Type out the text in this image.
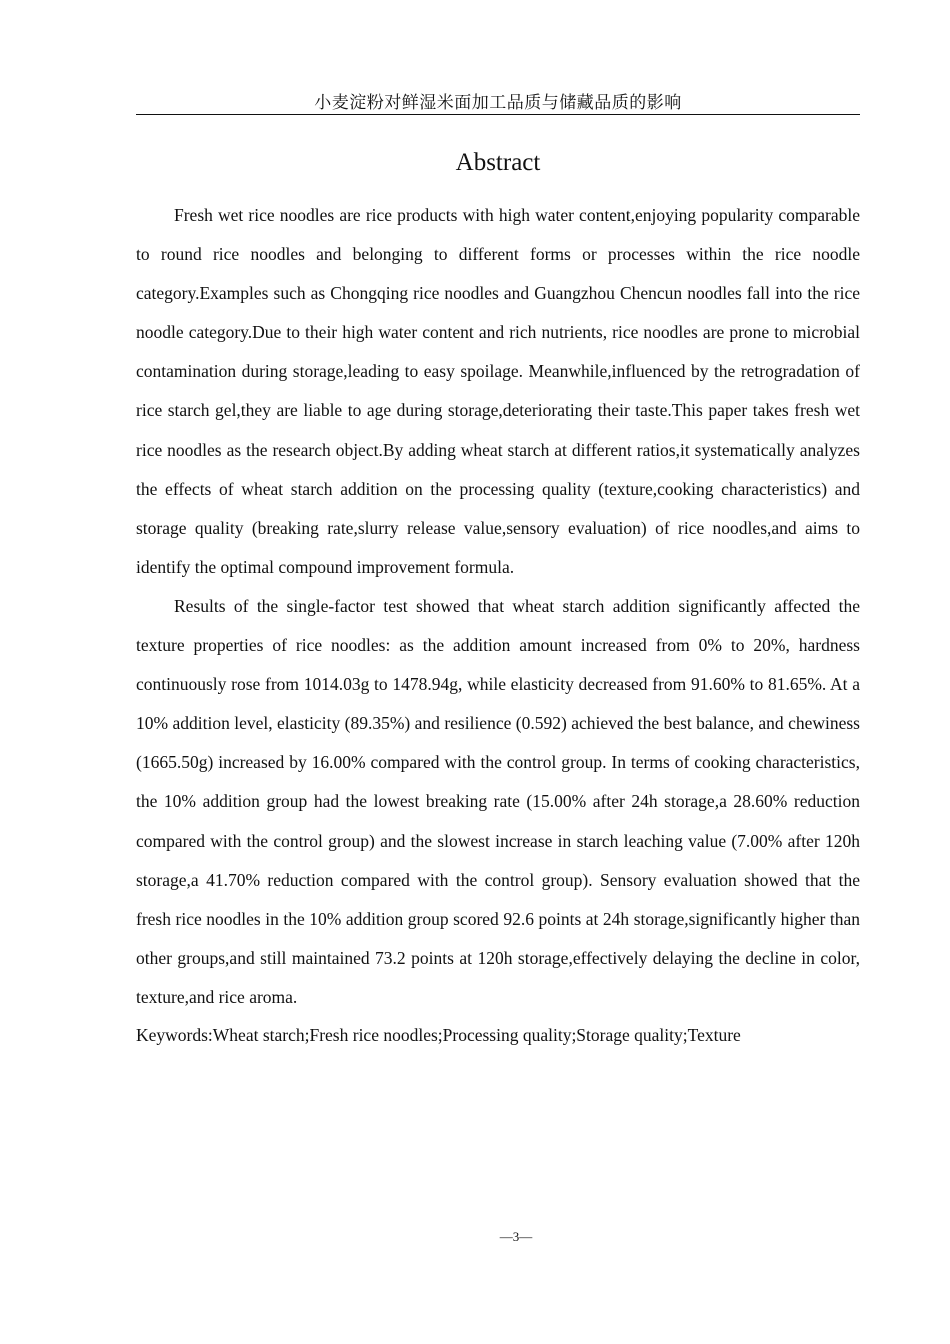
小麦淀粉对鲜湿米面加工品质与储藏品质的影响
Abstract

Fresh wet rice noodles are rice products with high water content,enjoying popularity comparable to round rice noodles and belonging to different forms or processes within the rice noodle category.Examples such as Chongqing rice noodles and Guangzhou Chencun noodles fall into the rice noodle category.Due to their high water content and rich nutrients, rice noodles are prone to microbial contamination during storage,leading to easy spoilage. Meanwhile,influenced by the retrogradation of rice starch gel,they are liable to age during storage,deteriorating their taste.This paper takes fresh wet rice noodles as the research object.By adding wheat starch at different ratios,it systematically analyzes the effects of wheat starch addition on the processing quality (texture,cooking characteristics) and storage quality (breaking rate,slurry release value,sensory evaluation) of rice noodles,and aims to identify the optimal compound improvement formula.

Results of the single-factor test showed that wheat starch addition significantly affected the texture properties of rice noodles: as the addition amount increased from 0% to 20%, hardness continuously rose from 1014.03g to 1478.94g, while elasticity decreased from 91.60% to 81.65%. At a 10% addition level, elasticity (89.35%) and resilience (0.592) achieved the best balance, and chewiness (1665.50g) increased by 16.00% compared with the control group. In terms of cooking characteristics, the 10% addition group had the lowest breaking rate (15.00% after 24h storage,a 28.60% reduction compared with the control group) and the slowest increase in starch leaching value (7.00% after 120h storage,a 41.70% reduction compared with the control group). Sensory evaluation showed that the fresh rice noodles in the 10% addition group scored 92.6 points at 24h storage,significantly higher than other groups,and still maintained 73.2 points at 120h storage,effectively delaying the decline in color, texture,and rice aroma.

Keywords:Wheat starch;Fresh rice noodles;Processing quality;Storage quality;Texture

—3—
